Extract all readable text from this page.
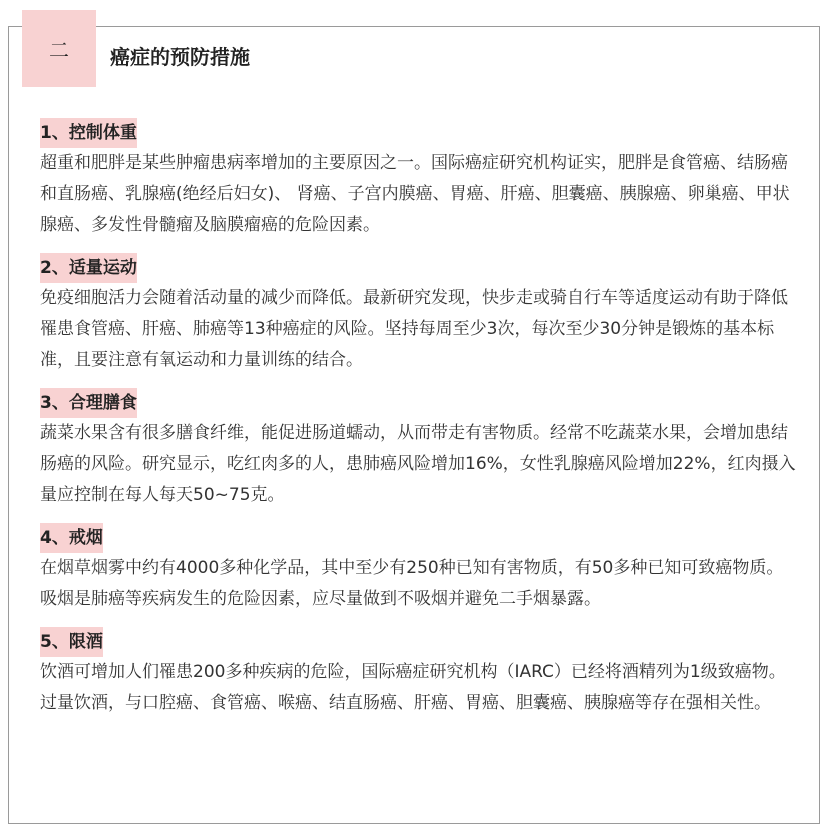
二 癌症的预防措施
1、控制体重

超重和肥胖是某些肿瘤患病率增加的主要原因之一。国际癌症研究机构证实，肥胖是食管癌、结肠癌和直肠癌、乳腺癌(绝经后妇女)、 肾癌、子宫内膜癌、胃癌、肝癌、胆囊癌、胰腺癌、卵巢癌、甲状腺癌、多发性骨髓瘤及脑膜瘤癌的危险因素。

2、适量运动

免疫细胞活力会随着活动量的减少而降低。最新研究发现，快步走或骑自行车等适度运动有助于降低罹患食管癌、肝癌、肺癌等13种癌症的风险。坚持每周至少3次，每次至少30分钟是锻炼的基本标准，且要注意有氧运动和力量训练的结合。

3、合理膳食

蔬菜水果含有很多膳食纤维，能促进肠道蠕动，从而带走有害物质。经常不吃蔬菜水果，会增加患结肠癌的风险。研究显示，吃红肉多的人，患肺癌风险增加16%，女性乳腺癌风险增加22%，红肉摄入量应控制在每人每天50~75克。

4、戒烟

在烟草烟雾中约有4000多种化学品，其中至少有250种已知有害物质，有50多种已知可致癌物质。吸烟是肺癌等疾病发生的危险因素，应尽量做到不吸烟并避免二手烟暴露。

5、限酒

饮酒可增加人们罹患200多种疾病的危险，国际癌症研究机构（IARC）已经将酒精列为1级致癌物。过量饮酒，与口腔癌、食管癌、喉癌、结直肠癌、肝癌、胃癌、胆囊癌、胰腺癌等存在强相关性。
